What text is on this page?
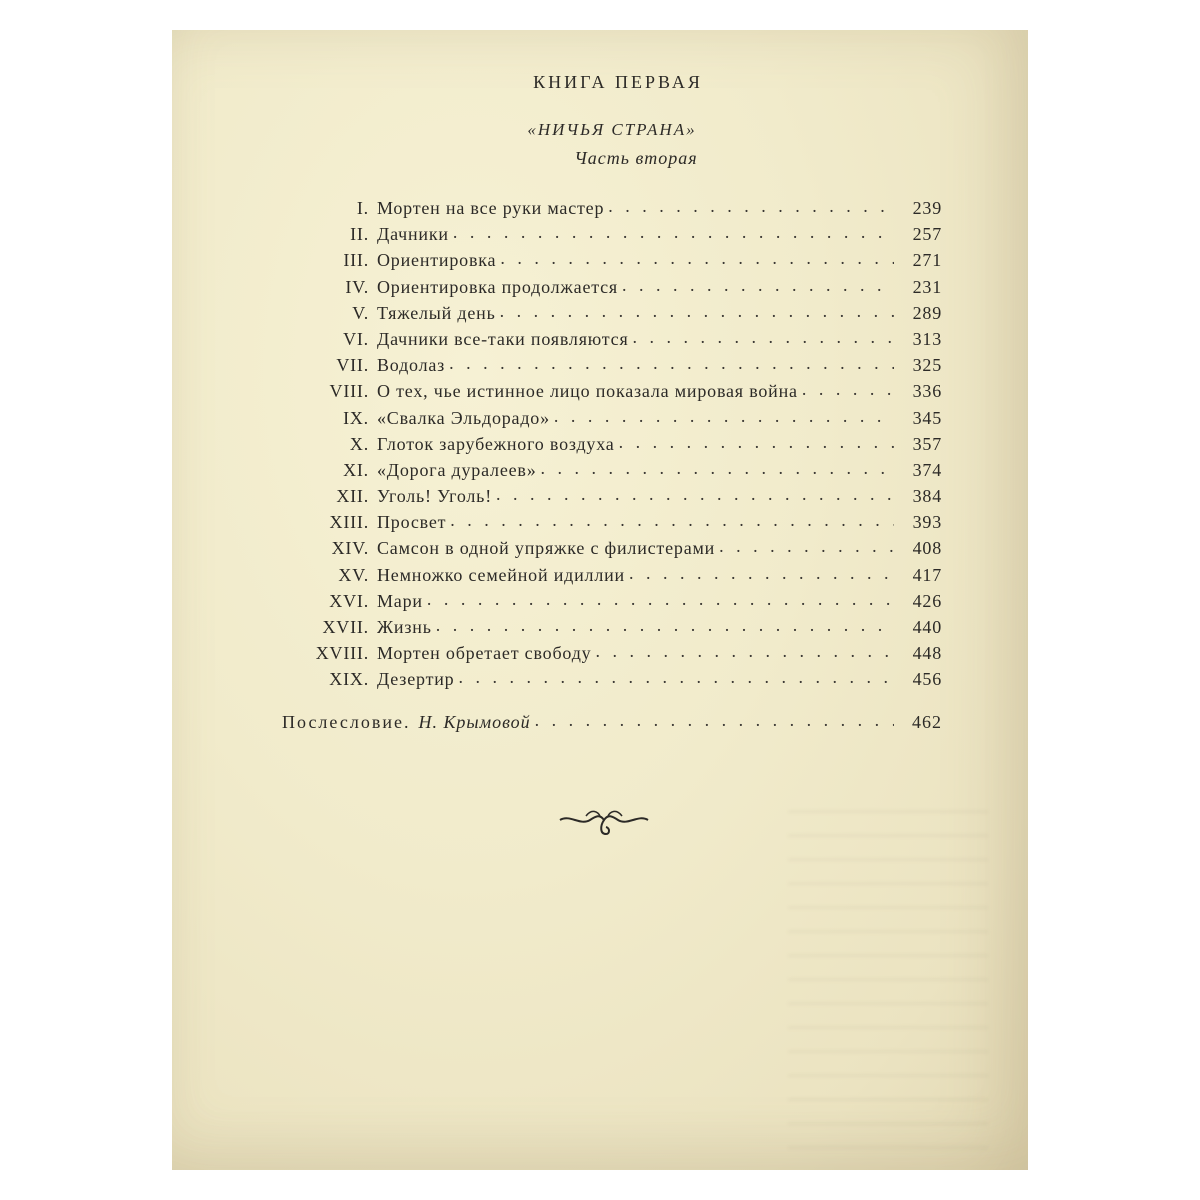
КНИГА ПЕРВАЯ
«НИЧЬЯ СТРАНА»
Часть вторая
I. Мортен на все руки мастер . . .	239
II. Дачники . . .	257
III. Ориентировка . . .	271
IV. Ориентировка продолжается . . .	231
V. Тяжелый день . . .	289
VI. Дачники все-таки появляются . . .	313
VII. Водолаз . . .	325
VIII. О тех, чье истинное лицо показала мировая война . . .	336
IX. «Свалка Эльдорадо» . . .	345
X. Глоток зарубежного воздуха . . .	357
XI. «Дорога дуралеев» . . .	374
XII. Уголь! Уголь! . . .	384
XIII. Просвет . . .	393
XIV. Самсон в одной упряжке с филистерами . . .	408
XV. Немножко семейной идиллии . . .	417
XVI. Мари . . .	426
XVII. Жизнь . . .	440
XVIII. Мортен обретает свободу . . .	448
XIX. Дезертир . . .	456
Послесловие. Н. Крымовой . . .	462
